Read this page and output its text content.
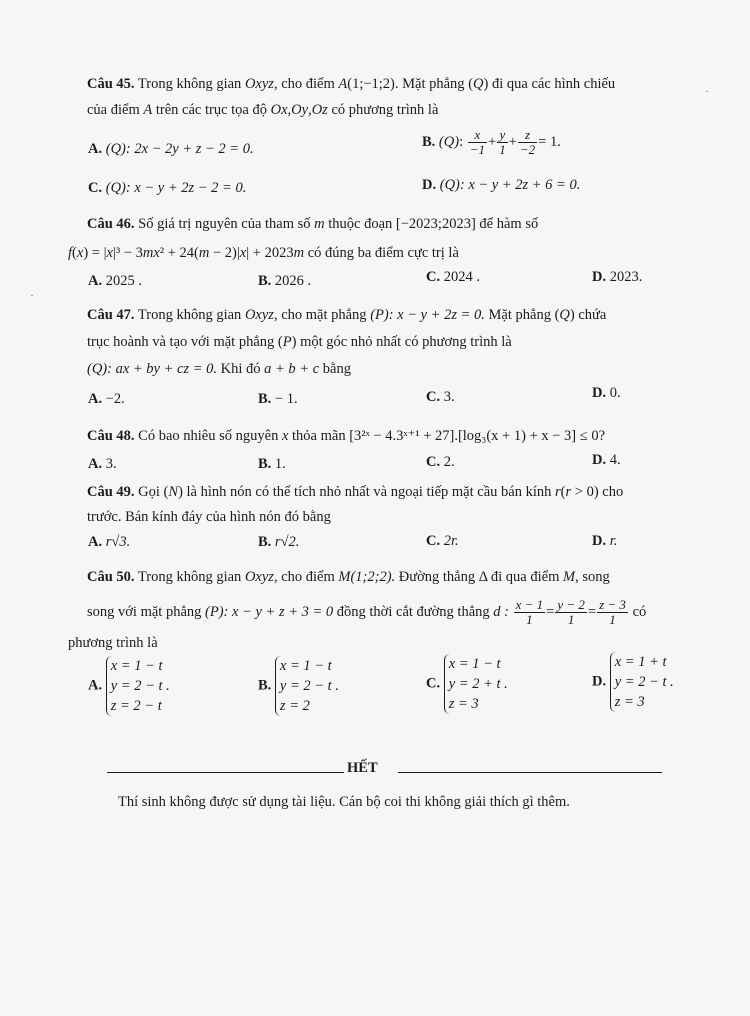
Câu 45. Trong không gian Oxyz, cho điểm A(1;−1;2). Mặt phẳng (Q) đi qua các hình chiếu
của điểm A trên các trục tọa độ Ox,Oy,Oz có phương trình là
A. (Q): 2x − 2y + z − 2 = 0.	B. (Q): $\frac{x}{-1} + \frac{y}{1} + \frac{z}{-2} = 1$.
C. (Q): x − y + 2z − 2 = 0.	D. (Q): x − y + 2z + 6 = 0.
Câu 46. Số giá trị nguyên của tham số m thuộc đoạn [−2023;2023] để hàm số
f(x) = |x|³ − 3mx² + 24(m − 2)|x| + 2023m có đúng ba điểm cực trị là
A. 2025 .	B. 2026 .	C. 2024 .	D. 2023.
Câu 47. Trong không gian Oxyz, cho mặt phẳng (P): x − y + 2z = 0. Mặt phẳng (Q) chứa
trục hoành và tạo với mặt phẳng (P) một góc nhỏ nhất có phương trình là
(Q): ax + by + cz = 0. Khi đó a + b + c bằng
A. −2.	B. − 1.	C. 3.	D. 0.
Câu 48. Có bao nhiêu số nguyên x thỏa mãn [3²ˣ − 4.3ˣ⁺¹ + 27].[log₃(x + 1) + x − 3] ≤ 0?
A. 3.	B. 1.	C. 2.	D. 4.
Câu 49. Gọi (N) là hình nón có thể tích nhỏ nhất và ngoại tiếp mặt cầu bán kính r(r > 0) cho
trước. Bán kính đáy của hình nón đó bằng
A. r√3.	B. r√2.	C. 2r.	D. r.
Câu 50. Trong không gian Oxyz, cho điểm M(1;2;2). Đường thẳng Δ đi qua điểm M, song
song với mặt phẳng (P): x − y + z + 3 = 0 đồng thời cắt đường thẳng d : $\frac{x - 1}{1} = \frac{y - 2}{1} = \frac{z - 3}{1}$ có
phương trình là
A.
x = 1 − t
y = 2 − t .
z = 2 − t
B.
x = 1 − t
y = 2 − t .
z = 2
C.
x = 1 − t
y = 2 + t .
z = 3
D.
x = 1 + t
y = 2 − t .
z = 3
HẾT
Thí sinh không được sử dụng tài liệu. Cán bộ coi thi không giải thích gì thêm.
·
·
